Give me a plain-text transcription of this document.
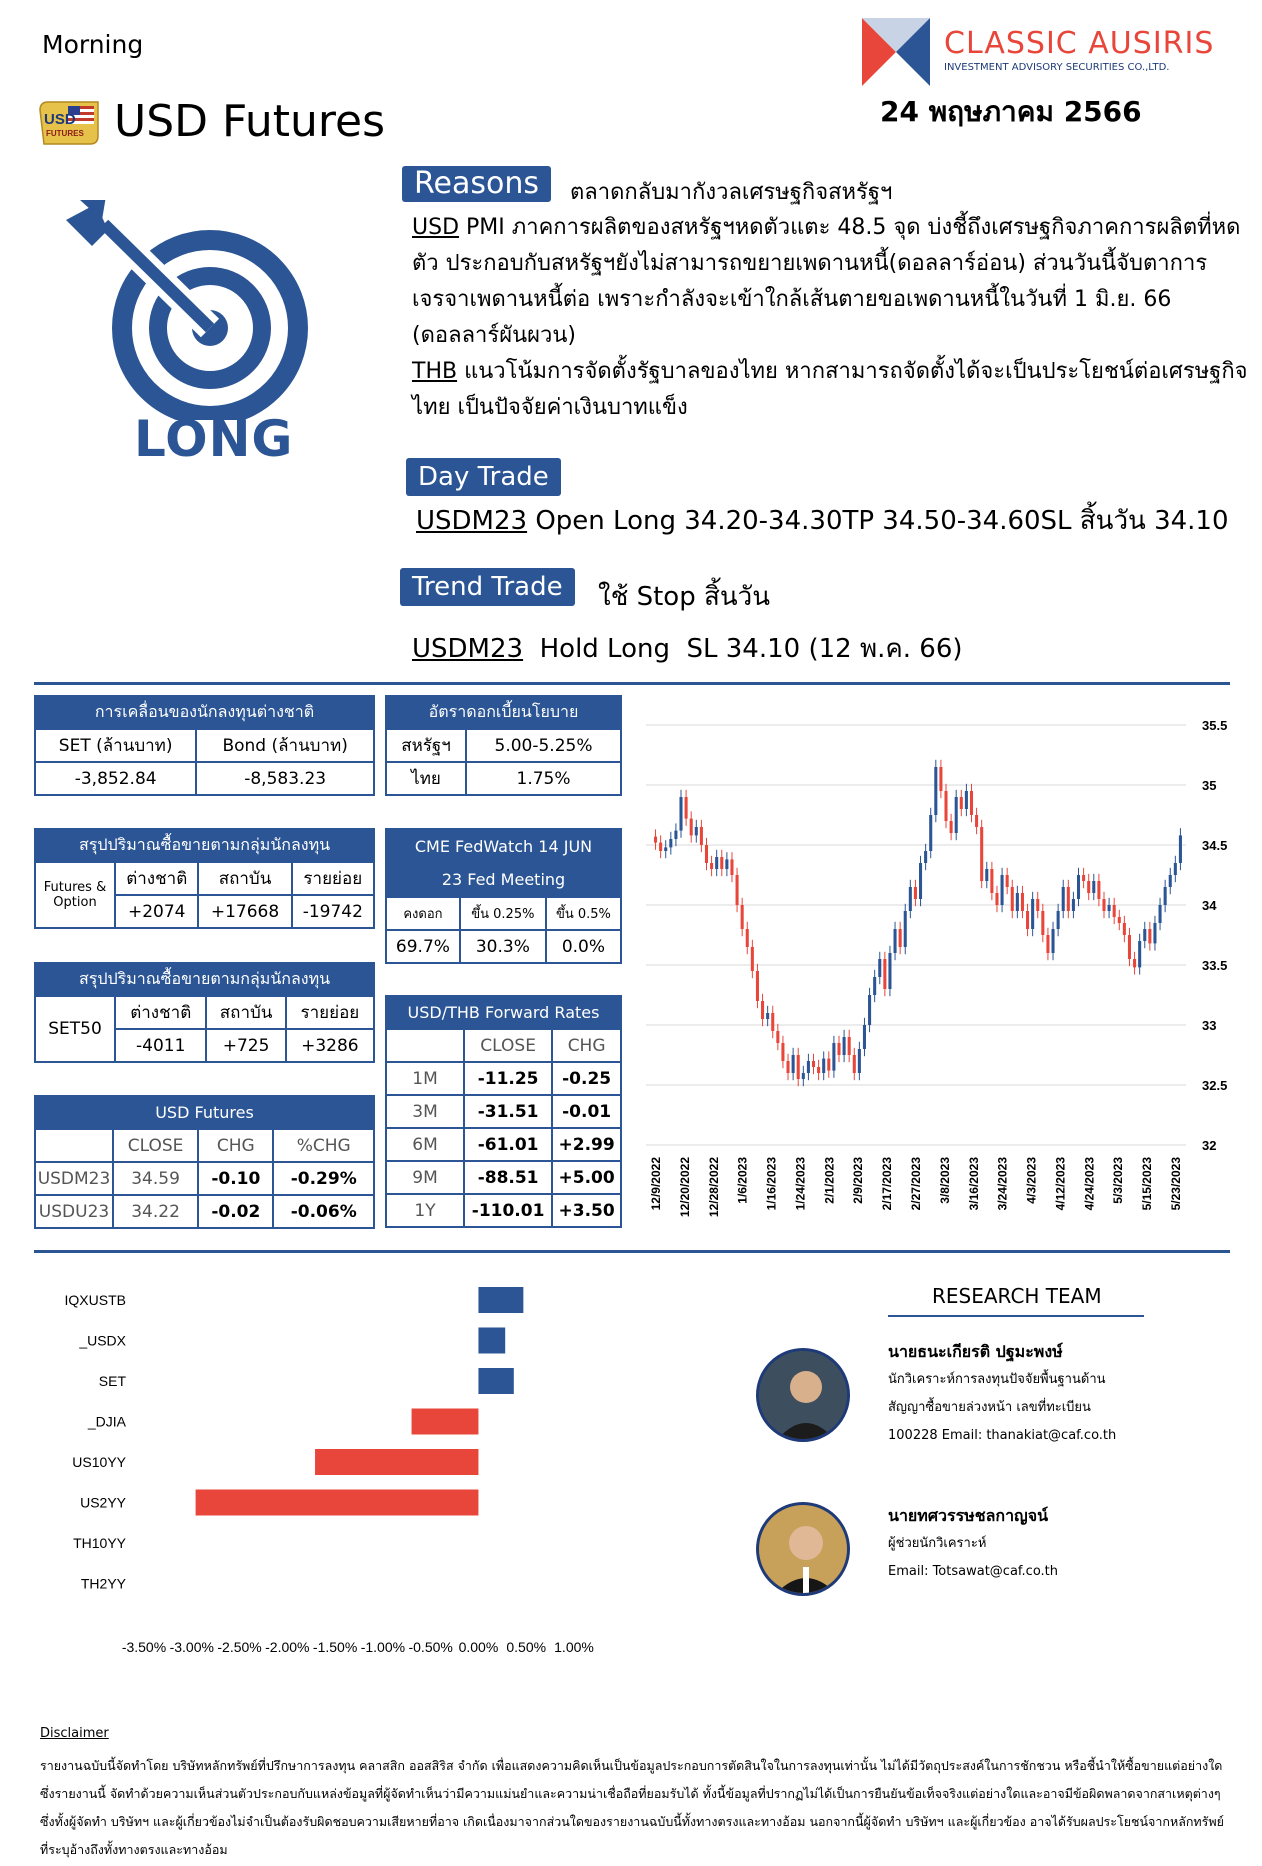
Morning
USD
FUTURES USD Futures
LONG
CLASSIC AUSIRIS
INVESTMENT ADVISORY SECURITIES CO.,LTD.
24 พฤษภาคม 2566
Reasons	ตลาดกลับมากังวลเศรษฐกิจสหรัฐฯ
USD PMI ภาคการผลิตของสหรัฐฯหดตัวแตะ 48.5 จุด บ่งชี้ถึงเศรษฐกิจภาคการผลิตที่หดตัว ประกอบกับสหรัฐฯยังไม่สามารถขยายเพดานหนี้(ดอลลาร์อ่อน) ส่วนวันนี้จับตาการเจรจาเพดานหนี้ต่อ เพราะกำลังจะเข้าใกล้เส้นตายขอเพดานหนี้ในวันที่ 1 มิ.ย. 66 (ดอลลาร์ผันผวน)
THB แนวโน้มการจัดตั้งรัฐบาลของไทย หากสามารถจัดตั้งได้จะเป็นประโยชน์ต่อเศรษฐกิจไทย เป็นปัจจัยค่าเงินบาทแข็ง
Day Trade
USDM23 Open Long 34.20-34.30TP 34.50-34.60SL สิ้นวัน 34.10
Trend Trade	ใช้ Stop สิ้นวัน
USDM23  Hold Long  SL 34.10 (12 พ.ค. 66)
การเคลื่อนของนักลงทุนต่างชาติ	
SET (ล้านบาท)	Bond (ล้านบาท)
-3,852.84	-8,583.23
อัตราดอกเบี้ยนโยบาย	
สหรัฐฯ	5.00-5.25%
ไทย	1.75%
สรุปปริมาณซื้อขายตามกลุ่มนักลงทุน			
Futures &
Option	ต่างชาติ	สถาบัน	รายย่อย
	+2074	+17668	-19742
CME FedWatch 14 JUN
23 Fed Meeting		
คงดอก	ขึ้น 0.25%	ขึ้น 0.5%
69.7%	30.3%	0.0%
สรุปปริมาณซื้อขายตามกลุ่มนักลงทุน			
SET50	ต่างชาติ	สถาบัน	รายย่อย
	-4011	+725	+3286
USD/THB Forward Rates		
	CLOSE	CHG
1M	-11.25	-0.25
3M	-31.51	-0.01
6M	-61.01	+2.99
9M	-88.51	+5.00
1Y	-110.01	+3.50
USD Futures			
	CLOSE	CHG	%CHG
USDM23	34.59	-0.10	-0.29%
USDU23	34.22	-0.02	-0.06%
35.5
35
34.5
34
33.5
33
32.5
32
12/9/2022 12/20/2022 12/28/2022 1/6/2023 1/16/2023 1/24/2023 2/1/2023 2/9/2023 2/17/2023 2/27/2023 3/8/2023 3/16/2023 3/24/2023 4/3/2023 4/12/2023 4/24/2023 5/3/2023 5/15/2023 5/23/2023
IQXUSTB
_USDX
SET
_DJIA
US10YY
US2YY
TH10YY
TH2YY
-3.50% -3.00% -2.50% -2.00% -1.50% -1.00% -0.50% 0.00% 0.50% 1.00%
RESEARCH TEAM
นายธนะเกียรติ ปฐมะพงษ์
นักวิเคราะห์การลงทุนปัจจัยพื้นฐานด้าน
สัญญาซื้อขายล่วงหน้า เลขที่ทะเบียน
100228 Email: thanakiat@caf.co.th
นายทศวรรษชลกาญจน์
ผู้ช่วยนักวิเคราะห์
Email: Totsawat@caf.co.th
Disclaimer
รายงานฉบับนี้จัดทำโดย บริษัทหลักทรัพย์ที่ปรึกษาการลงทุน คลาสสิก ออสสิริส จำกัด เพื่อแสดงความคิดเห็นเป็นข้อมูลประกอบการตัดสินใจในการลงทุนเท่านั้น ไม่ได้มีวัตถุประสงค์ในการชักชวน หรือชี้นำให้ซื้อขายแต่อย่างใด ซึ่งรายงานนี้ จัดทำด้วยความเห็นส่วนตัวประกอบกับแหล่งข้อมูลที่ผู้จัดทำเห็นว่ามีความแม่นยำและความน่าเชื่อถือที่ยอมรับได้ ทั้งนี้ข้อมูลที่ปรากฏไม่ได้เป็นการยืนยันข้อเท็จจริงแต่อย่างใดและอาจมีข้อผิดพลาดจากสาเหตุต่างๆ ซึ่งทั้งผู้จัดทำ บริษัทฯ และผู้เกี่ยวข้องไม่จำเป็นต้องรับผิดชอบความเสียหายที่อาจ เกิดเนื่องมาจากส่วนใดของรายงานฉบับนี้ทั้งทางตรงและทางอ้อม นอกจากนี้ผู้จัดทำ บริษัทฯ และผู้เกี่ยวข้อง อาจได้รับผลประโยชน์จากหลักทรัพย์ที่ระบุอ้างถึงทั้งทางตรงและทางอ้อม
